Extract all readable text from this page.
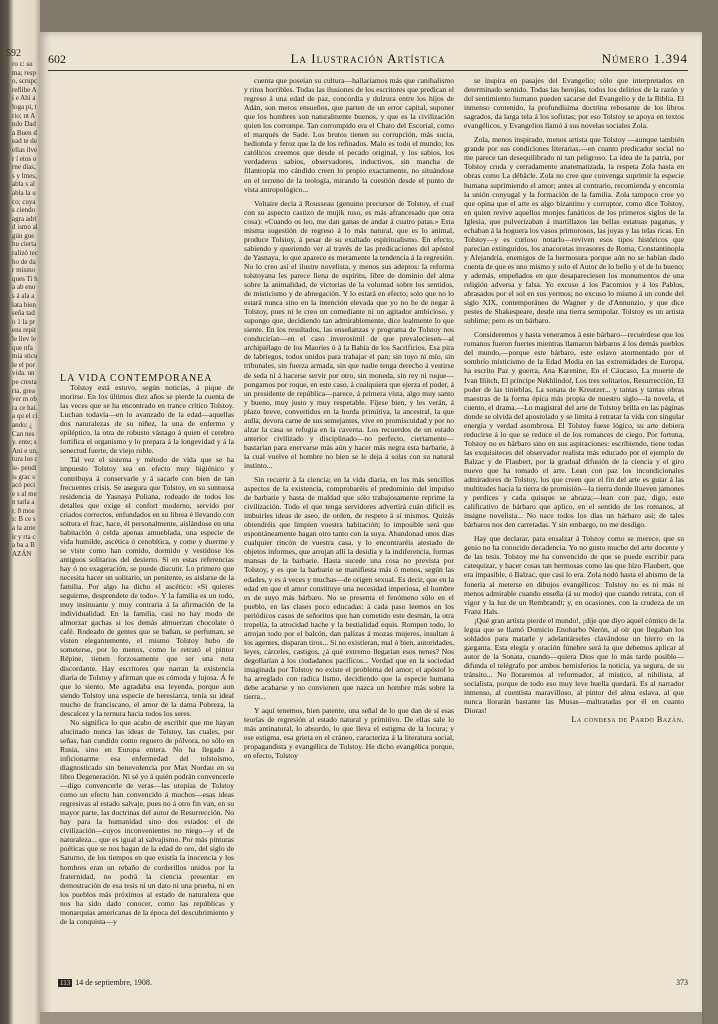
592
ro c: suma; respo, scrupc reflibe Aí e Ahí a loga pi, trio; nt Ando Dada Buen dead te de ellas ilver í etos orne días, s y lmes, abla s al abla la uco; cuyas ciendo agra adrid ismo algún gue hu cierta ralizó techo de dar mismo ques Ti ha ab eno s á ala a lata bien seña tado 1 la prens repit le llev leque nfamia sticule el por vida. un pe cresta ria, grea ver m obra ce hai. a qu el ci ando: ¿ Can nes y. ente; s Ani e un, tura los cie- pendi is grac sacó pecie s al me n tarla ar, 8 mos s: B ce sa la ante ir y rta ca ba a BAZÁN
602	La Ilustración Artística	Número 1.394

LA VIDA CONTEMPORÁNEA

Tolstoy está estuvo, según noticias, á pique de morirse. En los últimos diez años se pierde la cuenta de las veces que se ha encontrado en trance crítico Tolstoy. Luchan todavía—en lo avanzado de la edad—aquellas dos naturalezas de su niñez, la una de enfermo y epiléptico, la otra de robusto vástago á quien el cerebro fortifica el organismo y lo prepara á la longevidad y á la senectud fuerte, de viejo roble.

Tal vez el sistema y método de vida que se ha impuesto Tolstoy sea en efecto muy higiénico y contribuya á conservarle y á sacarle con bien de tan frecuentes crisis. Se asegura que Tolstoy, en su suntuosa residencia de Yasnaya Poliana, rodeado de todos los detalles que exige el confort moderno, servido por criados correctos, enfundados en su librea é llevando con soltura el frac, hace, él personalmente, aislándose en una habitación ó celda apenas amueblada, una especie de vida humilde, ascética ó cenobítica, y come y duerme y se viste como han comido, dormido y vestidose los antiguos solitarios del desierto. Si en estas referencias hay ó no exageración, se puede discutir. Lo primero que necesita hacer un solitario, un penitente, es aislarse de la familia. Por algo ha dicho el ascético: «Si quieres seguirme, desprendete de todo». Y la familia es un todo, muy insinuante y muy contraria á la afirmación de la individualidad. En la familia, casi no hay modo de almorzar gachas si los demás almuerzan chocolate ó café. Rodeado de gentes que se bañan, se perfuman, se visten elegantemente, el mismo Tolstoy hubo de someterse, por lo menos, como le retrató el pintor Répine, tienen forzosamente que ser una nota discordante. Hay escritores que narran la existencia diaria de Tolstoy y afirman que es cómoda y lujosa. Á fe que lo siento. Me agradaba esa leyenda, porque aun siendo Tolstoy una especie de heresiarca, tenía su ideal mucho de franciscano, el amor de la dama Pobreza, la descalcez y la ternura hacia todos los seres.

No significa lo que acabo de escribir que me hayan alucinado nunca las ideas de Tolstoy, las cuales, por señas, han cundido como reguero de pólvora, no sólo en Rusia, sino en Europa entera. No ha llegado á inficionarme esa enfermedad del tolstoísmo, diagnosticado sin benevolencia por Max Nordau en su libro Degeneración. Ni sé yo á quién podrán convencerle—digo convencerle de veras—las utopías de Tolstoy como un efecto han convencido á muchos—esas ideas regresivas al estado salvaje, pues no á otro fin van, en su mayor parte, las doctrinas del autor de Resurrección. No hay para la humanidad sino dos estados: el de civilización—cuyos inconvenientes no niego—y el de naturaleza... que es igual al salvajismo. Por más pinturas poéticas que se nos hagan de la edad de oro, del siglo de Saturno, de los tiempos en que existía la inocencia y los hombres eran un rebaño de corderillos unidos por la fraternidad, no podrá la ciencia presentar en demostración de esa tesis ni un dato ni una prueba, ni en los pueblos más próximos al estado de naturaleza que nos ha sido dado conocer, como las repúblicas y monarquías americanas de la época del descubrimiento y de la conquista—y

cuenta que poseían su cultura—hallaríamos más que canibalismo y ritos horribles. Todas las ilusiones de los escritores que predican el regreso á una edad de paz, concordia y dulzura entre los hijos de Adán, son meros ensueños, que parten de un error capital, suponer que los hombres son naturalmente buenos, y que es la civilización quien los corrompe. Tan corrompido era el Chato del Escorial, como el marqués de Sade. Los brutos tienen su corrupción, más sucia, hedionda y feroz que la de los refinados. Malo es todo el mundo; los católicos creemos que desde el pecado original, y los sabios, los verdaderos sabios, observadores, inductivos, sin mancha de filantropía mo cándido creen lo propio exactamente, no situándose en el terreno de la teología, mirando la cuestión desde el punto de vista antropológico...

Voltaire decía á Rousseau (genuino precursor de Tolstoy, el cual con su aspecto castizo de mujik ruso, es más afrancesado que otra cosa): «Cuando os leo, me dan ganas de andar á cuatro patas.» Esta misma sugestión de regreso á lo más natural, que es lo animal, produce Tolstoy, á pesar de su exaltado espiritualismo. En efecto, sabiendo y queriendo ver al través de las predicaciones del apóstol de Yasnaya, lo que aparece es meramente la tendencia á la regresión. No lo creo así el ilustre novelista, y menos sus adeptos: la reforma tolstoyana les parece llena de espíritu, libre de dominio del alma sobre la animalidad, de victorias de la voluntad sobre los sentidos, de misticismo y de abnegación. Y lo estará en efecto; solo que no lo estará nunca sino en la intención elevada que yo no he de negar á Tolstoy, pues ni le creo un comediante ni un agitador ambicioso, y supongo que, decidiendo tan admirablemente, dice lealmente lo que siente. En los resultados, las enseñanzas y programa de Tolstoy nos conducirían—en el caso inverosímil de que prevaleciesen—al archipiélago de los Maories ó á la Bahía de los Sacrificios. Esa pira de labriegos, todos unidos para trabajar el pan; sin tuyo ni mío, sin tribunales, sin fuerza armada, sin que nadie tenga derecho á vestirse de seda ni á hacerse servir por otro, sin moneda, sin rey ni roque—pongamos por roque, en este caso, á cualquiera que ejerza el poder, á un presidente de república—parece, á primera vista, algo muy santo y bueno, muy justo y muy respetable. Fíjese bien, y les verán, á plazo breve, convertidos en la horda primitiva, la ancestral, la que aulla, devora carne de sus semejantes, vive en promiscuidad y por no alzar la casa se refugia en la caverna. Los recuerdos de un estado anterior civilizado y disciplinado—no perfecto, ciertamente—bastarían para enervarse más aún y hacer más negra esta barbarie, á la cual vuelve el hombre no bien se le deja á solas con su natural instinto...

Sin recurrir á la ciencia; en la vida diaria, en los más sencillos aspectos de la existencia, comprobaréis el predominio del impulso de barbarie y hasta de maldad que sólo trabajosamente reprime la civilización. Todo el que tenga servidores advertirá cuán difícil es imbuirles ideas de aseo, de orden, de respeto á sí mismos. Quizás obtendréis que limpien vuestra habitación; lo imposible será que espontáneamente hagan otro tanto con la suya. Abandonad unos días cualquier rincón de vuestra casa, y lo encontraréis atestado de objetos informes, que arrojan allí la desidia y la indiferencia, formas mansas de la barbarie. Hasta sucede una cosa no prevista por Tolstoy, y es que la barbarie se manifiesta más ó menos, según las edades, y es á veces y muchas—de origen sexual. Es decir, que en la edad en que el amor constituye una necesidad imperiosa, el hombre es de suyo más bárbaro. No se presenta el fenómeno sólo en el pueblo, en las clases poco educadas: á cada paso leemos en los periódicos casos de señoritos que han cometido este desmán, la otra tropelía, la atrocidad hache y la bestialidad equis. Rompen todo, lo arrojan todo por el balcón, dan palizas á mozas mujeres, insultan á los agentes, disparan tiros... Si no existieran, mal ó bien, autoridades, leyes, cárceles, castigos, ¿á qué extremo llegarían esos nenes? Nos degollarían á los ciudadanos pacíficos... Verdad que en la sociedad imaginada por Tolstoy no existe el problema del amor; el apóstol lo ha arreglado con radica lismo, decidiendo que la especie humana debe acabarse y no convienen que nazca un hombre más sobre la tierra...

Y aquí tenemos, bien patente, una señal de lo que dan de sí esas teorías de regresión al estado natural y primitivo. De ellas sale lo más antinatural, lo absurdo, lo que lleva el estigma de la locura; y ese estigma, esa grieta en el cráneo, caracteriza á la literatura social, propagandista y evangélica de Tolstoy. He dicho evangélica porque, en efecto, Tolstoy

se inspira en pasajes del Evangelio; sólo que interpretados en determinado sentido. Todas las herejías, todos los delirios de la razón y del sentimiento humano pueden sacarse del Evangelio y de la Biblia. El inmenso contenido, la profundísima doctrina rebosante de los libros sagrados, da larga tela á los sofistas; por eso Tolstoy se apoya en textos evangélicos, y Evangelios llamó á sus novelas sociales Zola.

Zola, menos inspirado, menos artista que Tolstoy —aunque también grande por sus condiciones literarias,—en cuanto predicador social no me parece tan desequilibrado ni tan peligroso. La idea de la patria, por Tolstoy cruda y cerradamente anatematizada, la respeta Zola hasta en obras como La débâcle. Zola no cree que convenga suprimir la especie humana suprimiendo el amor; antes al contrario, recomienda y encomia la unión conyugal y la formación de la familia. Zola tampoco cree yo que opina que el arte es algo bizantino y corruptor, como dice Tolstoy, en quien revive aquellos monjes fanáticos de los primeros siglos de la Iglesia, que pulverizaban á martillazos las bellas estatuas paganas, y echaban á la hoguera los vasos primorosos, las joyas y las telas ricas. En Tolstoy—y es curioso notarlo—reviven esos tipos históricos que parecían extinguidos, los anacoretas invasores de Roma, Constantinopla y Alejandría, enemigos de la hermosura porque aún no se habían dado cuenta de que es uno mismo y solo el Autor de lo bello y el de lo bueno; y además, empeñados en que desapareciesen los monumentos de una religión adversa y falsa. Yo excuso á los Pacomios y á los Pablos, abrasados por el sol en sus yermos; no excuso lo mismo á un conde del siglo XIX, contemporáneo de Wagner y de d'Annunzio, y que dice pestes de Shakespeare, desde una tierra semipolar. Tolstoy es un artista sublime; pero es un bárbaro.

Consideremos y hasta veneramos á este bárbaro—recuérdese que los romanos fueron fuertes mientras llamaron bárbaros á los demás pueblos del mundo,—porque este bárbaro, este eslavo atormentado por el sombrío misticismo de la Edad Media en las extremidades de Europa, ha escrito Paz y guerra, Ana Karenine, En el Cáucaso, La muerte de Ivan Iliitch, El príncipe Nekhlindof, Los tres solitarios, Resurrección, El poder de las tinieblas, La sonata de Kreutzer... y tantas y tantas obras maestras de la forma épica más propia de nuestro siglo—la novela, el cuento, el drama.—Lo magistral del arte de Tolstoy brilla en las páginas donde se olvida del apostolado y se limita á retratar la vida con singular energía y verdad asombrosa. El Tolstoy fuese lógico, su arte debiera reducirse á lo que se reduce el de los romances de ciego. Por fortuna, Tolstoy no es bárbaro sino en sus aspiraciones: escribiendo, tiene todas las exquisiteces del observador realista más educado por el ejemplo de Balzac y de Flaubert, por la gradual difusión de la ciencia y el giro nuevo que ha tomado el arte. Lean con paz los incondicionales admiradores de Tolstoy, los que creen que el fin del arte es guiar á las multitudes hacia la tierra de promisión—la tierra donde llueven jamones y perdices y cada quisque se abraza;—lean con paz, digo, este calificativo de bárbaro que aplico, en el sentido de los romanos, al insigne novelista... No nace todos los días un bárbaro así; de tales bárbaros nos den carretadas. Y sin embargo, no me desdigo.

Hay que declarar, para ensalzar á Tolstoy como se merece, que su genio no ha conocido decadencia. Yo no gusto mucho del arte docente y de las tesis. Tolstoy me ha convencido de que se puede escribir para catequizar, y hacer cosas tan hermosas como las que hizo Flaubert, que era impasible, ó Balzac, que casi lo era. Zola nodó hasta el abismo de la fonería al meterse en dibujos evangélicos: Tolstoy no es ni más ni menos admirable cuando enseña (á su modo) que cuando retrata, con el vigor y la luz de un Rembrandt; y, en ocasiones, con la crudeza de un Franz Hals.

¡Qué gran artista pierde el mundo!, ¡dije que diyo aquel cómico de la legua que se llamó Domicio Enobarbo Nerón, al oír que llegaban los soldados para matarle y adelantárseles clavándose un hierro en la garganta. Esta elegía y oración fúnebre será la que debemos aplicar al autor de la Sonata, cuando—quiera Dios que lo más tarde posible—difunda el telégrafo por ambos hemisferios la noticia, ya segura, de su tránsito... No lloraremos al reformador, al místico, al nihilista, al socialista, porque de todo eso muy leve huella quedará. Es al narrador inmenso, al cuentista maravilloso, al pintor del alma eslava, al que nunca llorarán bastante las Musas—maltratadas por él en cuanto Dioras!

La condesa de Pardo Bazán.

113 14 de septiembre, 1908.	373
